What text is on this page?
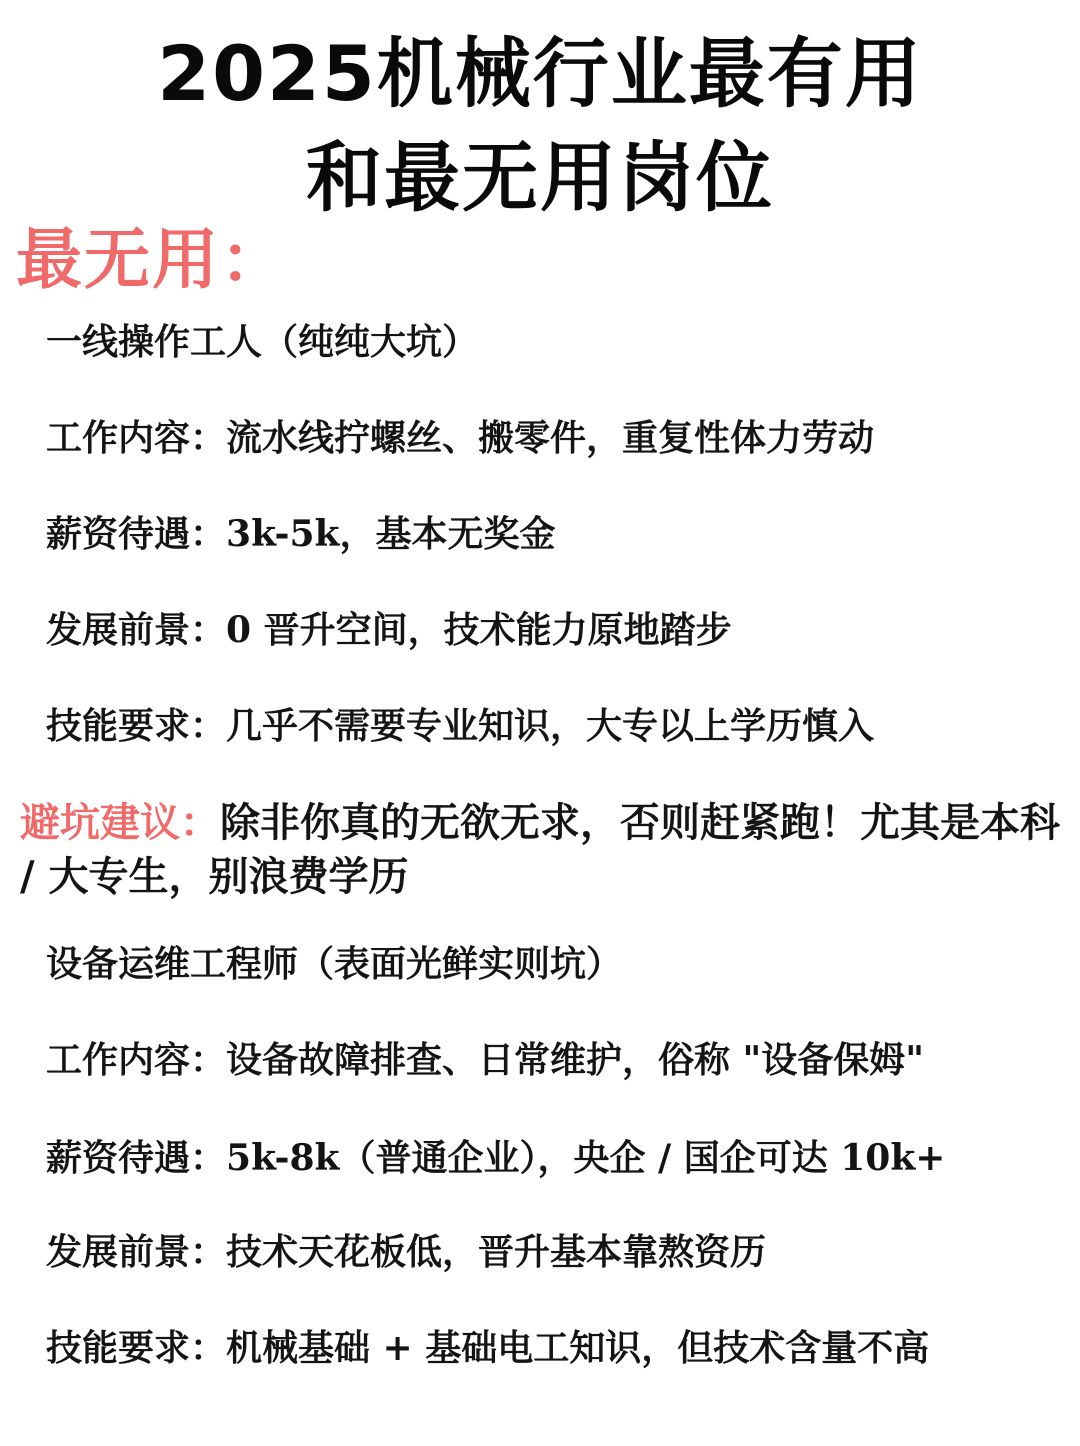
2025机械行业最有用
和最无用岗位
最无用：
一线操作工人（纯纯大坑）
工作内容：流水线拧螺丝、搬零件，重复性体力劳动
薪资待遇：3k-5k，基本无奖金
发展前景：0 晋升空间，技术能力原地踏步
技能要求：几乎不需要专业知识，大专以上学历慎入
避坑建议：除非你真的无欲无求，否则赶紧跑！尤其是本科 / 大专生，别浪费学历
设备运维工程师（表面光鲜实则坑）
工作内容：设备故障排查、日常维护，俗称 "设备保姆"
薪资待遇：5k-8k（普通企业），央企 / 国企可达 10k+
发展前景：技术天花板低，晋升基本靠熬资历
技能要求：机械基础 + 基础电工知识，但技术含量不高
